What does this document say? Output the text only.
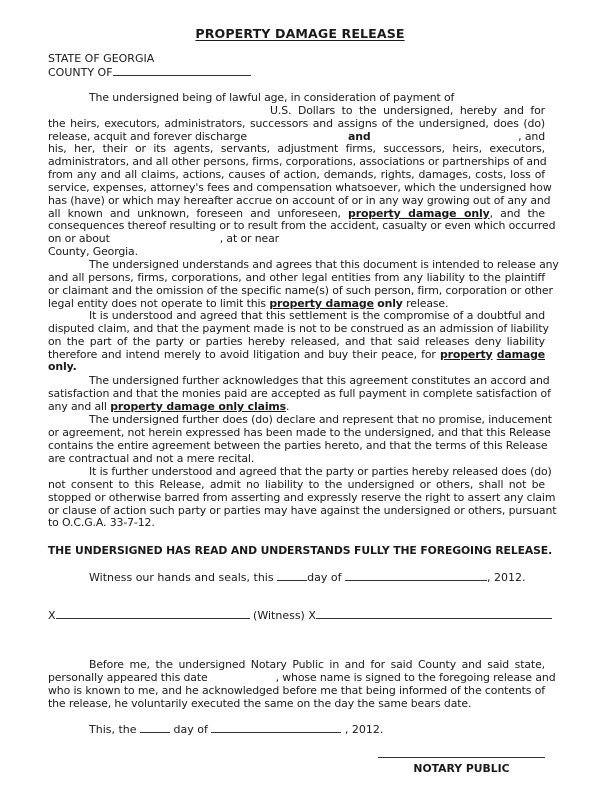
PROPERTY DAMAGE RELEASE
STATE OF GEORGIA
COUNTY OF
The undersigned being of lawful age, in consideration of payment of
U.S. Dollars to the undersigned, hereby and for
the heirs, executors, administrators, successors and assigns of the undersigned, does (do)
release, acquit and forever discharge	and	, and
his, her, their or its agents, servants, adjustment firms, successors, heirs, executors,
administrators, and all other persons, firms, corporations, associations or partnerships of and
from any and all claims, actions, causes of action, demands, rights, damages, costs, loss of
service, expenses, attorney's fees and compensation whatsoever, which the undersigned how
has (have) or which may hereafter accrue on account of or in any way growing out of any and
all known and unknown, foreseen and unforeseen, property damage only, and the
consequences thereof resulting or to result from the accident, casualty or even which occurred
on or about	, at or near
County, Georgia.
The undersigned understands and agrees that this document is intended to release any
and all persons, firms, corporations, and other legal entities from any liability to the plaintiff
or claimant and the omission of the specific name(s) of such person, firm, corporation or other
legal entity does not operate to limit this property damage only release.
It is understood and agreed that this settlement is the compromise of a doubtful and
disputed claim, and that the payment made is not to be construed as an admission of liability
on the part of the party or parties hereby released, and that said releases deny liability
therefore and intend merely to avoid litigation and buy their peace, for property damage
only.
The undersigned further acknowledges that this agreement constitutes an accord and
satisfaction and that the monies paid are accepted as full payment in complete satisfaction of
any and all property damage only claims.
The undersigned further does (do) declare and represent that no promise, inducement
or agreement, not herein expressed has been made to the undersigned, and that this Release
contains the entire agreement between the parties hereto, and that the terms of this Release
are contractual and not a mere recital.
It is further understood and agreed that the party or parties hereby released does (do)
not consent to this Release, admit no liability to the undersigned or others, shall not be
stopped or otherwise barred from asserting and expressly reserve the right to assert any claim
or clause of action such party or parties may have against the undersigned or others, pursuant
to O.C.G.A. 33-7-12.
THE UNDERSIGNED HAS READ AND UNDERSTANDS FULLY THE FOREGOING RELEASE.
Witness our hands and seals, this	day of	, 2012.
X	(Witness) X
Before me, the undersigned Notary Public in and for said County and said state,
personally appeared this date	, whose name is signed to the foregoing release and
who is known to me, and he acknowledged before me that being informed of the contents of
the release, he voluntarily executed the same on the day the same bears date.
This, the	day of	, 2012.
NOTARY PUBLIC
